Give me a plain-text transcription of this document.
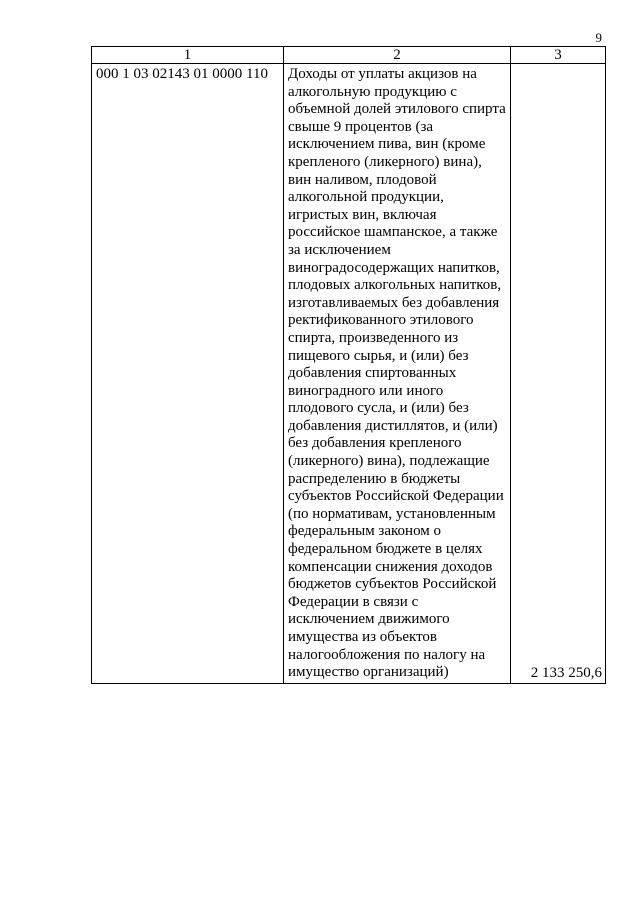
9
1	2	3
000 1 03 02143 01 0000 110	Доходы от уплаты акцизов на алкогольную продукцию с объемной долей этилового спирта свыше 9 процентов (за исключением пива, вин (кроме крепленого (ликерного) вина), вин наливом, плодовой алкогольной продукции, игристых вин, включая российское шампанское, а также за исключением виноградосодержащих напитков, плодовых алкогольных напитков, изготавливаемых без добавления ректификованного этилового спирта, произведенного из пищевого сырья, и (или) без добавления спиртованных виноградного или иного плодового сусла, и (или) без добавления дистиллятов, и (или) без добавления крепленого (ликерного) вина), подлежащие распределению в бюджеты субъектов Российской Федерации (по нормативам, установленным федеральным законом о федеральном бюджете в целях компенсации снижения доходов бюджетов субъектов Российской Федерации в связи с исключением движимого имущества из объектов налогообложения по налогу на имущество организаций)	2 133 250,6
